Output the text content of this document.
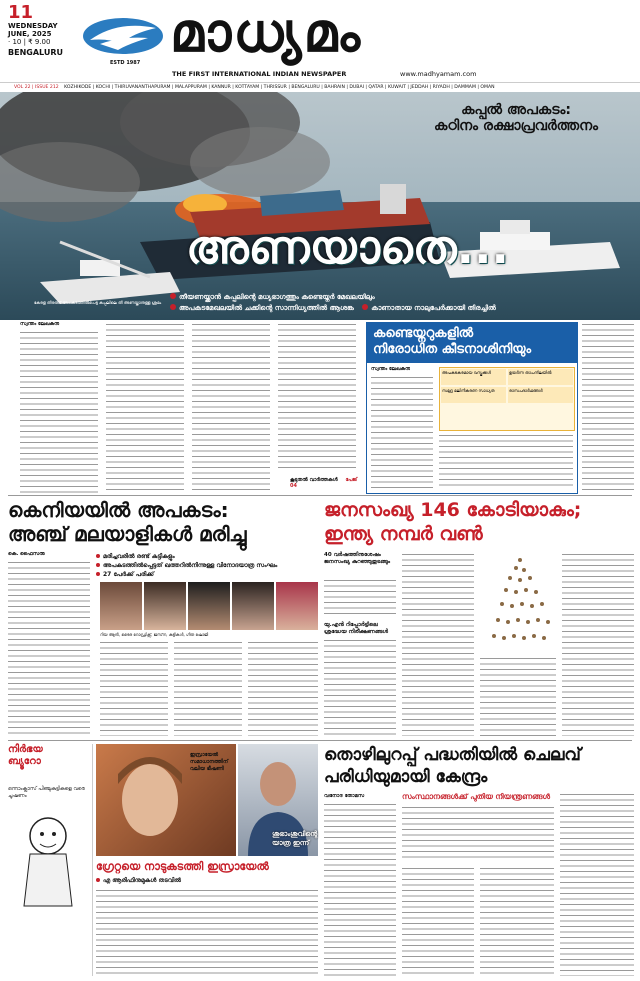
11
WEDNESDAY
JUNE, 2025
· 10 | ₹ 9.00
BENGALURU
ESTD 1987 മാധ്യമം
THE FIRST INTERNATIONAL INDIAN NEWSPAPER	www.madhyamam.com
VOL 22 | ISSUE 212 KOZHIKODE | KOCHI | THIRUVANANTHAPURAM | MALAPPURAM | KANNUR | KOTTAYAM | THRISSUR | BENGALURU | BAHRAIN | DUBAI | QATAR | KUWAIT | JEDDAH | RIYADH | DAMMAM | OMAN
കപ്പൽ അപകടം:
കഠിനം രക്ഷാപ്രവർത്തനം
അണയാതെ...
കേരള തീരത്ത് അപകടത്തിൽപെട്ട കപ്പലിലെ തീ അണയ്ക്കാനുള്ള ശ്രമം
തീയണയ്ക്കാൻ കപ്പലിന്റെ മധ്യഭാഗത്തും കണ്ടെയ്നർ മേഖലയിലും
അപകടമേഖലയിൽ ചക്കിന്റെ സാന്നിധ്യത്തിൽ ആശങ്ക കാണാതായ നാലുപേർക്കായി തിരച്ചിൽ
സ്വന്തം ലേഖകൻ
കൂടുതൽ വാർത്തകൾ പേജ് 04
കണ്ടെയ്നറുകളിൽ
നിരോധിത കീടനാശിനിയും
സ്വന്തം ലേഖകൻ
അപകടകരമായ വസ്തുക്കൾ	ഉയർന്ന താപനിലയിൽ
സമുദ്ര മലിനീകരണ സാധ്യത	രാസപദാർഥങ്ങൾ
കെനിയയിൽ അപകടം:
അഞ്ച് മലയാളികൾ മരിച്ചു
കെ. ഫൈസൽ	മരിച്ചവരിൽ രണ്ട് കുട്ടികളും
അപകടത്തിൽപ്പെട്ടത് ഖത്തറിൽനിന്നുള്ള വിനോദയാത്ര സംഘം
27 പേർക്ക് പരിക്ക്
റിയ ആൻ, ടൈര റോഡ്രിക്സ്, ജസ്‌ന, കുട്ടികൾ, ഗീത ഷോജി
ജനസംഖ്യ 146 കോടിയാകും;
ഇന്ത്യ നമ്പർ വൺ
40 വർഷത്തിനുശേഷം ജനസംഖ്യ കുറഞ്ഞുതുടങ്ങും
യു.എൻ റിപ്പോർട്ടിലെ ശ്രദ്ധേയ നിരീക്ഷണങ്ങൾ
നിർഭയ ബ്യൂറോ
ഒന്നാംക്ലാസ് പിഞ്ചുകുട്ടികളെ വരെ ചൂഷണം
ഇസ്രായേൽ സമാധാനത്തിന് വലിയ ഭീഷണി
ശുഭാംശുവിന്റെ യാത്ര ഇന്ന്
ഗ്രേറ്റയെ നാടുകടത്തി ഇസ്രായേൽ
എ ആരിഫിനുമുകൾ തടവിൽ
തൊഴിലുറപ്പ് പദ്ധതിയിൽ ചെലവ് പരിധിയുമായി കേന്ദ്രം
വിനോദ് തോമസ്	സംസ്ഥാനങ്ങൾക്ക് പുതിയ നിയന്ത്രണങ്ങൾ
